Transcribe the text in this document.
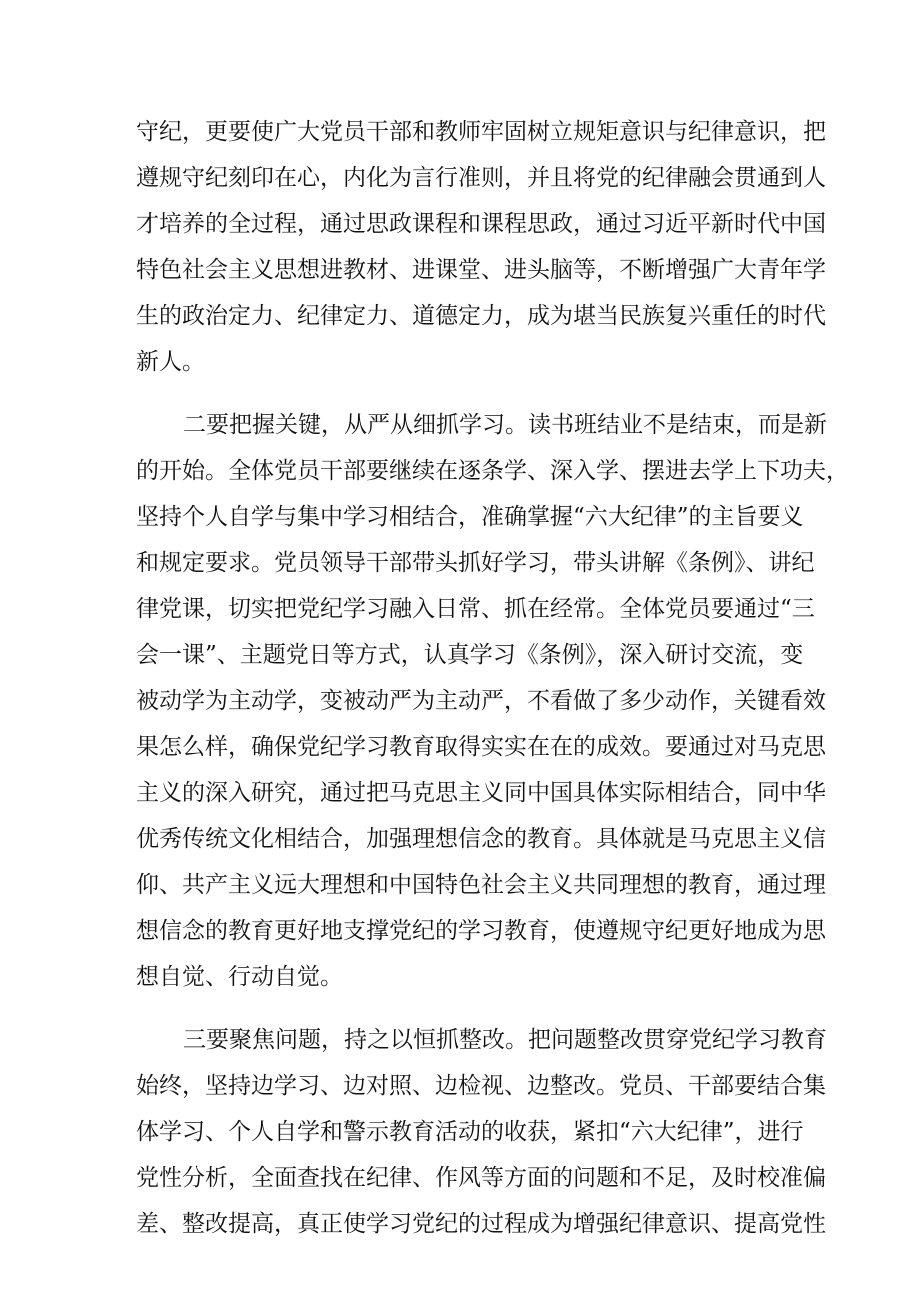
守纪，更要使广大党员干部和教师牢固树立规矩意识与纪律意识，把
遵规守纪刻印在心，内化为言行准则，并且将党的纪律融会贯通到人
才培养的全过程，通过思政课程和课程思政，通过习近平新时代中国
特色社会主义思想进教材、进课堂、进头脑等，不断增强广大青年学
生的政治定力、纪律定力、道德定力，成为堪当民族复兴重任的时代
新人。
二要把握关键，从严从细抓学习。读书班结业不是结束，而是新
的开始。全体党员干部要继续在逐条学、深入学、摆进去学上下功夫，
坚持个人自学与集中学习相结合，准确掌握“六大纪律”的主旨要义
和规定要求。党员领导干部带头抓好学习，带头讲解《条例》、讲纪
律党课，切实把党纪学习融入日常、抓在经常。全体党员要通过“三
会一课”、主题党日等方式，认真学习《条例》，深入研讨交流，变
被动学为主动学，变被动严为主动严，不看做了多少动作，关键看效
果怎么样，确保党纪学习教育取得实实在在的成效。要通过对马克思
主义的深入研究，通过把马克思主义同中国具体实际相结合，同中华
优秀传统文化相结合，加强理想信念的教育。具体就是马克思主义信
仰、共产主义远大理想和中国特色社会主义共同理想的教育，通过理
想信念的教育更好地支撑党纪的学习教育，使遵规守纪更好地成为思
想自觉、行动自觉。
三要聚焦问题，持之以恒抓整改。把问题整改贯穿党纪学习教育
始终，坚持边学习、边对照、边检视、边整改。党员、干部要结合集
体学习、个人自学和警示教育活动的收获，紧扣“六大纪律”，进行
党性分析，全面查找在纪律、作风等方面的问题和不足，及时校准偏
差、整改提高，真正使学习党纪的过程成为增强纪律意识、提高党性
